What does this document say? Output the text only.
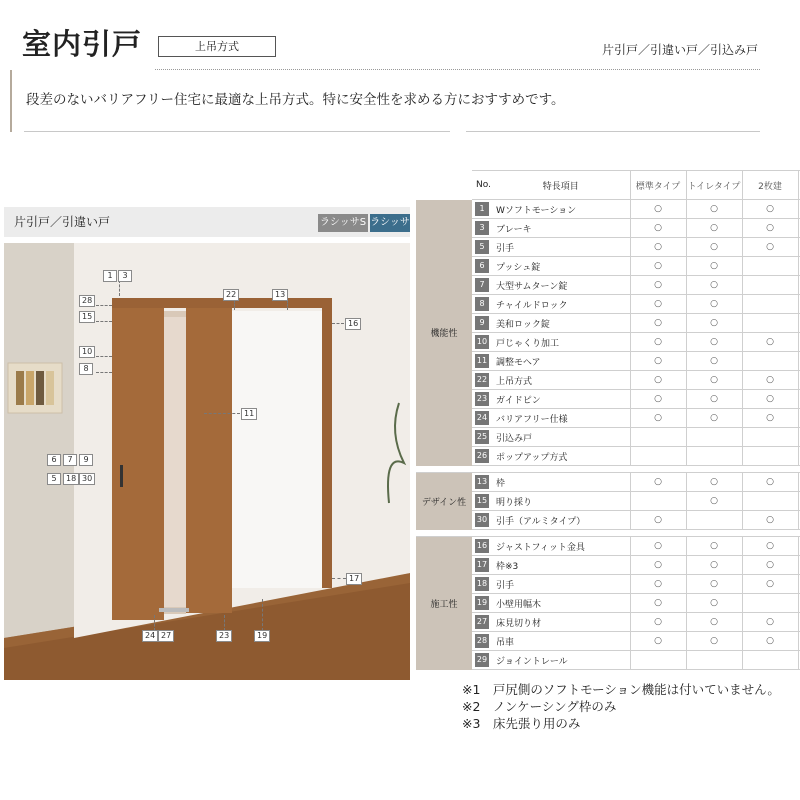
室内引戸	上吊方式	片引戸／引違い戸／引込み戸
段差のないバリアフリー住宅に最適な上吊方式。特に安全性を求める方におすすめです。
片引戸／引違い戸	ラシッサS ラシッサ
1	3
28
15
10
8
6	7	9
5	18 30
22	13
16
11
17
24 27	23	19
	No.	特長項目	標準タイプ	トイレタイプ	2枚建	
機能性	1	Wソフトモーション	○	○	○	
	3	ブレーキ	○	○	○	
	5	引手	○	○	○	
	6	プッシュ錠	○	○		
	7	大型サムターン錠	○	○		
	8	チャイルドロック	○	○		
	9	美和ロック錠	○	○		
	10	戸じゃくり加工	○	○	○	
	11	調整モヘア	○	○		
	22	上吊方式	○	○	○	
	23	ガイドピン	○	○	○	
	24	バリアフリー仕様	○	○	○	
	25	引込み戸				
	26	ポップアップ方式				

デザイン性	13	枠	○	○	○	
	15	明り採り		○		
	30	引手（アルミタイプ）	○		○	

施工性	16	ジャストフィット金具	○	○	○	
	17	枠※3	○	○	○	
	18	引手	○	○	○	
	19	小壁用幅木	○	○		
	27	床見切り材	○	○	○	
	28	吊車	○	○	○	
	29	ジョイントレール				
※1　戸尻側のソフトモーション機能は付いていません。
※2　ノンケーシング枠のみ
※3　床先張り用のみ
